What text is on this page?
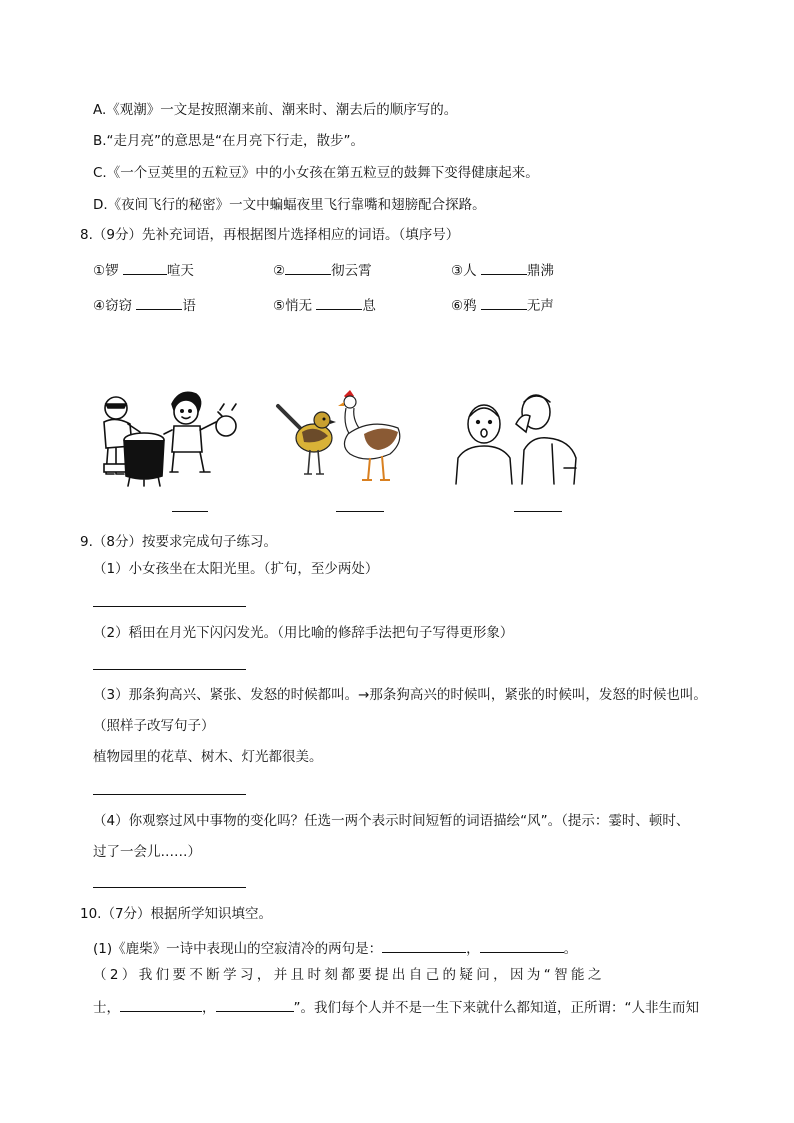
A.《观潮》一文是按照潮来前、潮来时、潮去后的顺序写的。
B.“走月亮”的意思是“在月亮下行走，散步”。
C.《一个豆荚里的五粒豆》中的小女孩在第五粒豆的鼓舞下变得健康起来。
D.《夜间飞行的秘密》一文中蝙蝠夜里飞行靠嘴和翅膀配合探路。
8.（9分）先补充词语，再根据图片选择相应的词语。（填序号）
①锣	喧天	②	彻云霄	③人	鼎沸
④窃窃	语	⑤悄无	息	⑥鸦	无声
9.（8分）按要求完成句子练习。
（1）小女孩坐在太阳光里。（扩句，至少两处）
（2）稻田在月光下闪闪发光。（用比喻的修辞手法把句子写得更形象）
（3）那条狗高兴、紧张、发怒的时候都叫。→那条狗高兴的时候叫，紧张的时候叫，发怒的时候也叫。
（照样子改写句子）
植物园里的花草、树木、灯光都很美。
（4）你观察过风中事物的变化吗？任选一两个表示时间短暂的词语描绘“风”。（提示：霎时、顿时、
过了一会儿……）
10.（7分）根据所学知识填空。
(1)《鹿柴》一诗中表现山的空寂清冷的两句是：	，	。
（2）我们要不断学习，并且时刻都要提出自己的疑问，因为“智能之
士，	，	”。我们每个人并不是一生下来就什么都知道，正所谓：“人非生而知
